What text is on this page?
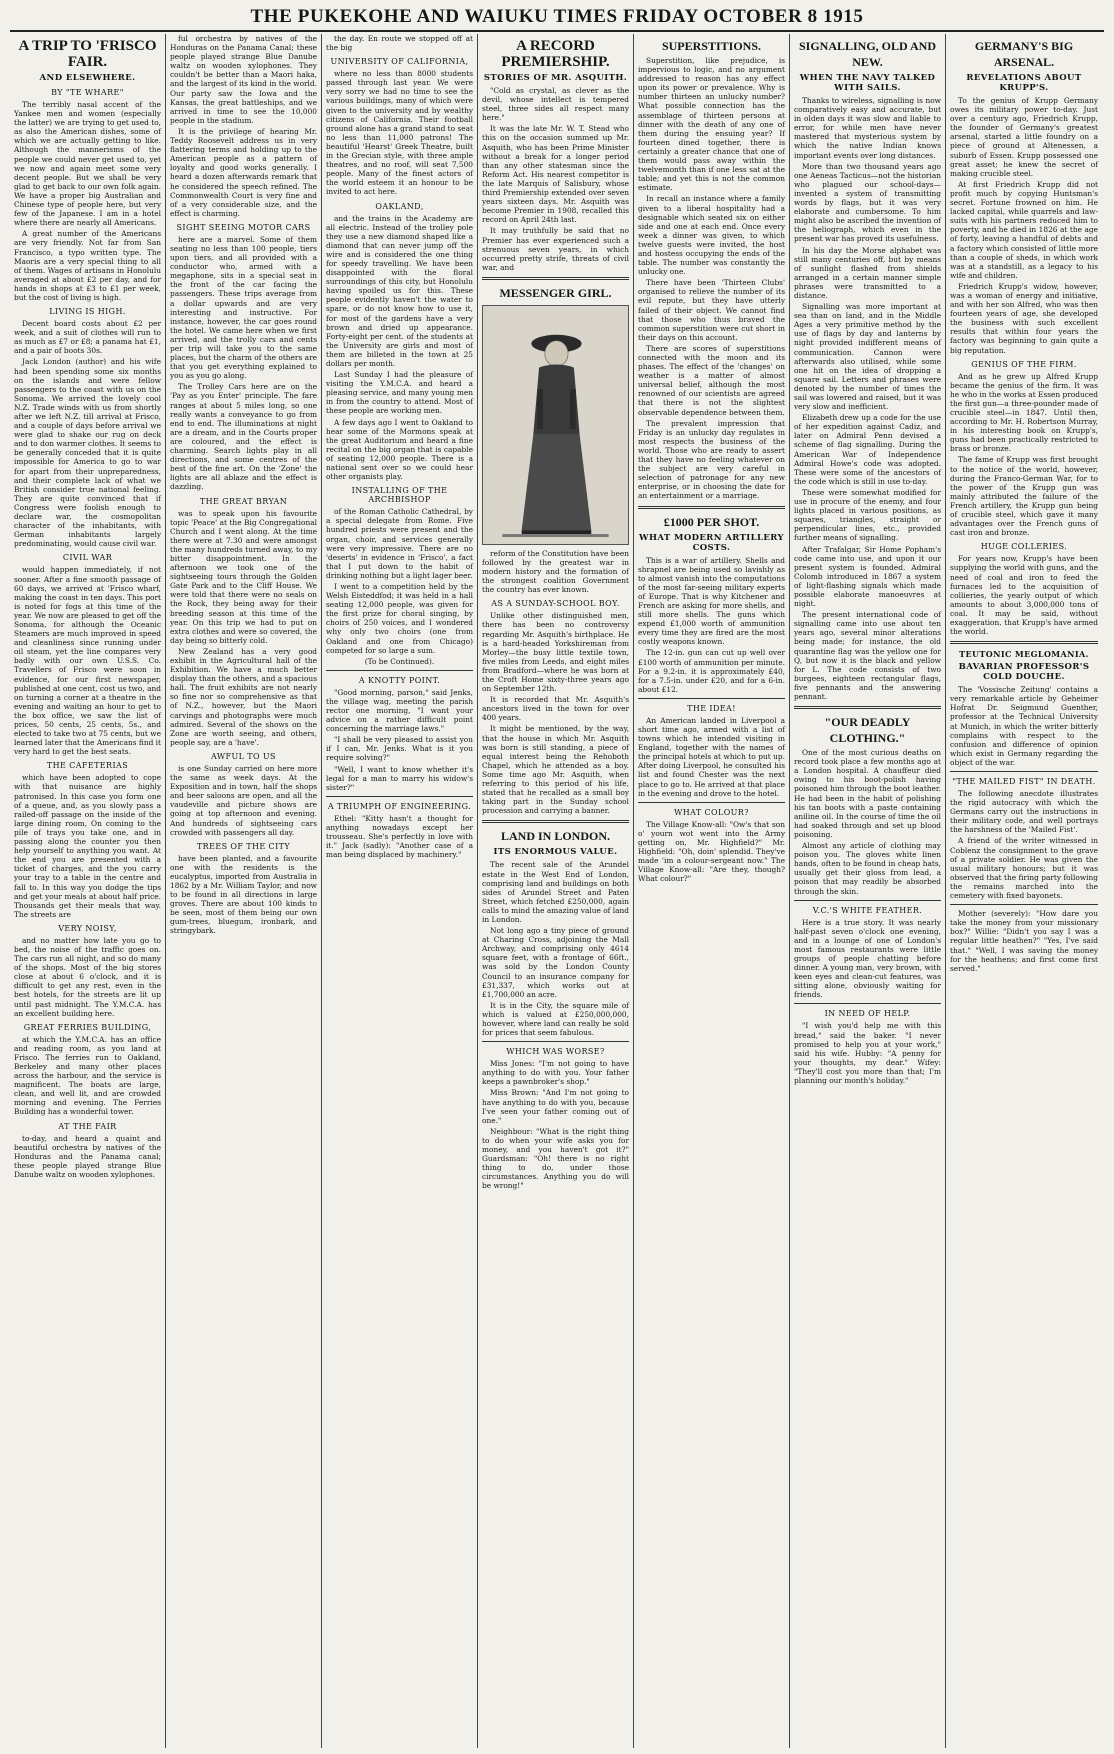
THE PUKEKOHE AND WAIUKU TIMES FRIDAY OCTOBER 8 1915
A TRIP TO 'FRISCO FAIR.
AND ELSEWHERE.
BY "TE WHARE"

The terribly nasal accent of the Yankee men and women (especially the latter) we are trying to get used to, as also the American dishes, some of which we are actually getting to like. Although the mannerisms of the people we could never get used to, yet we now and again meet some very decent people. But we shall be very glad to get back to our own folk again. We have a proper big Australian and Chinese type of people here, but very few of the Japanese. I am in a hotel where there are nearly all Americans.

A great number of the Americans are very friendly. Not far from San Francisco, a typo written type. The Maoris are a very special thing to all of them. Wages of artisans in Honolulu averaged at about £2 per day, and for hands in shops at £3 to £1 per week, but the cost of living is high.

LIVING IS HIGH.

Decent board costs about £2 per week, and a suit of clothes will run to as much as £7 or £8; a panama hat £1, and a pair of boots 30s.

Jack London (author) and his wife had been spending some six months on the islands and were fellow passengers to the coast with us on the Sonoma. We arrived the lovely cool N.Z. Trade winds with us from shortly after we left N.Z. till arrival at Frisco, and a couple of days before arrival we were glad to shake our rug on deck and to don warmer clothes. It seems to be generally conceded that it is quite impossible for America to go to war for apart from their unpreparedness, and their complete lack of what we British consider true national feeling. They are quite convinced that if Congress were foolish enough to declare war, the cosmopolitan character of the inhabitants, with German inhabitants largely predominating, would cause civil war.

CIVIL WAR

would happen immediately, if not sooner. After a fine smooth passage of 60 days, we arrived at 'Frisco wharf, making the coast in ten days. This port is noted for fogs at this time of the year. We now are pleased to get off the Sonoma, for although the Oceanic Steamers are much improved in speed and cleanliness since running under oil steam, yet the line compares very badly with our own U.S.S. Co. Travellers of Frisco were soon in evidence, for our first newspaper, published at one cent, cost us two, and on turning a corner at a theatre in the evening and waiting an hour to get to the box office, we saw the list of prices, 50 cents, 25 cents, 5s., and elected to take two at 75 cents, but we learned later that the Americans find it very hard to get the best seats.

THE CAFETERIAS

which have been adopted to cope with that nuisance are highly patronised. In this case you form one of a queue, and, as you slowly pass a railed-off passage on the inside of the large dining room, On coming to the pile of trays you take one, and in passing along the counter you then help yourself to anything you want. At the end you are presented with a ticket of charges, and the you carry your tray to a table in the centre and fall to. In this way you dodge the tips and get your meals at about half price. Thousands get their meals that way. The streets are

VERY NOISY,

and no matter how late you go to bed, the noise of the traffic goes on. The cars run all night, and so do many of the shops. Most of the big stores close at about 6 o'clock, and it is difficult to get any rest, even in the best hotels, for the streets are lit up until past midnight. The Y.M.C.A. has an excellent building here.

GREAT FERRIES BUILDING,

at which the Y.M.C.A. has an office and reading room, as you land at Frisco. The ferries run to Oakland, Berkeley and many other places across the harbour, and the service is magnificent. The boats are large, clean, and well lit, and are crowded morning and evening. The Ferries Building has a wonderful tower.

AT THE FAIR

to-day, and heard a quaint and beautiful orchestra by natives of the Honduras and the Panama canal; these people played strange Blue Danube waltz on wooden xylophones.

ful orchestra by natives of the Honduras on the Panama Canal; these people played strange Blue Danube waltz on wooden xylophones. They couldn't be better than a Maori haka, and the largest of its kind in the world. Our party saw the Iowa and the Kansas, the great battleships, and we arrived in time to see the 10,000 people in the stadium.

It is the privilege of hearing Mr. Teddy Roosevelt address us in very flattering terms and holding up to the American people as a pattern of loyalty and good works generally. I heard a dozen afterwards remark that he considered the speech refined. The Commonwealth Court is very fine and of a very considerable size, and the effect is charming.

SIGHT SEEING MOTOR CARS

here are a marvel. Some of them seating no less than 100 people, tiers upon tiers, and all provided with a conductor who, armed with a megaphone, sits in a special seat in the front of the car facing the passengers. These trips average from a dollar upwards and are very interesting and instructive. For instance, however, the car goes round the hotel. We came here when we first arrived, and the trolly cars and cents per trip will take you to the same places, but the charm of the others are that you get everything explained to you as you go along.

The Trolley Cars here are on the 'Pay as you Enter' principle. The fare ranges at about 5 miles long, so one really wants a conveyance to go from end to end. The illuminations at night are a dream, and in the Courts proper are coloured, and the effect is charming. Search lights play in all directions, and some centres of the best of the fine art. On the 'Zone' the lights are all ablaze and the effect is dazzling.

THE GREAT BRYAN

was to speak upon his favourite topic 'Peace' at the Big Congregational Church and I went along. At the time there were at 7.30 and were amongst the many hundreds turned away, to my bitter disappointment. In the afternoon we took one of the sightseeing tours through the Golden Gate Park and to the Cliff House. We were told that there were no seals on the Rock, they being away for their breeding season at this time of the year. On this trip we had to put on extra clothes and were so covered, the day being so bitterly cold.

New Zealand has a very good exhibit in the Agricultural hall of the Exhibition. We have a much better display than the others, and a spacious hall. The fruit exhibits are not nearly so fine nor so comprehensive as that of N.Z., however, but the Maori carvings and photographs were much admired. Several of the shows on the Zone are worth seeing, and others, people say, are a 'have'.

AWFUL TO US

is one Sunday carried on here more the same as week days. At the Exposition and in town, half the shops and beer saloons are open, and all the vaudeville and picture shows are going at top afternoon and evening. And hundreds of sightseeing cars crowded with passengers all day.

TREES OF THE CITY

have been planted, and a favourite one with the residents is the eucalyptus, imported from Australia in 1862 by a Mr. William Taylor, and now to be found in all directions in large groves. There are about 100 kinds to be seen, most of them being our own gum-trees, bluegum, ironbark, and stringybark.

the day. En route we stopped off at the big

UNIVERSITY OF CALIFORNIA,

where no less than 8000 students passed through last year. We were very sorry we had no time to see the various buildings, many of which were given to the university and by wealthy citizens of California. Their football ground alone has a grand stand to seat no less than 11,000 patrons! The beautiful 'Hearst' Greek Theatre, built in the Grecian style, with three ample theatres, and no roof, will seat 7,500 people. Many of the finest actors of the world esteem it an honour to be invited to act here.

OAKLAND,

and the trains in the Academy are all electric. Instead of the trolley pole they use a new diamond shaped like a diamond that can never jump off the wire and is considered the one thing for speedy travelling. We have been disappointed with the floral surroundings of this city, but Honolulu having spoiled us for this. These people evidently haven't the water to spare, or do not know how to use it, for most of the gardens have a very brown and dried up appearance. Forty-eight per cent. of the students at the University are girls and most of them are billeted in the town at 25 dollars per month.

Last Sunday I had the pleasure of visiting the Y.M.C.A. and heard a pleasing service, and many young men in from the country to attend. Most of these people are working men.

A few days ago I went to Oakland to hear some of the Mormons speak at the great Auditorium and heard a fine recital on the big organ that is capable of seating 12,000 people. There is a national sent over so we could hear other organists play.

INSTALLING OF THE ARCHBISHOP

of the Roman Catholic Cathedral, by a special delegate from Rome. Five hundred priests were present and the organ, choir, and services generally were very impressive. There are no 'deserts' in evidence in 'Frisco', a fact that I put down to the habit of drinking nothing but a light lager beer.

I went to a competition held by the Welsh Eisteddfod; it was held in a hall seating 12,000 people, was given for the first prize for choral singing, by choirs of 250 voices, and I wondered why only two choirs (one from Oakland and one from Chicago) competed for so large a sum.

(To be Continued).

A KNOTTY POINT.

"Good morning, parson," said Jenks, the village wag, meeting the parish rector one morning, "I want your advice on a rather difficult point concerning the marriage laws."

"I shall be very pleased to assist you if I can, Mr. Jenks. What is it you require solving?"

"Well, I want to know whether it's legal for a man to marry his widow's sister?"

A TRIUMPH OF ENGINEERING.

Ethel: "Kitty hasn't a thought for anything nowadays except her trousseau. She's perfectly in love with it." Jack (sadly): "Another case of a man being displaced by machinery."

A RECORD PREMIERSHIP.
STORIES OF MR. ASQUITH.

"Cold as crystal, as clever as the devil, whose intellect is tempered steel, three sides all respect many here."

It was the late Mr. W. T. Stead who this on the occasion summed up Mr. Asquith, who has been Prime Minister without a break for a longer period than any other statesman since the Reform Act. His nearest competitor is the late Marquis of Salisbury, whose third Premiership extended over seven years sixteen days. Mr. Asquith was become Premier in 1908, recalled this record on April 24th last.

It may truthfully be said that no Premier has ever experienced such a strenuous seven years, in which occurred pretty strife, threats of civil war, and

MESSENGER GIRL.

reform of the Constitution have been followed by the greatest war in modern history and the formation of the strongest coalition Government the country has ever known.

AS A SUNDAY-SCHOOL BOY.

Unlike other distinguished men, there has been no controversy regarding Mr. Asquith's birthplace. He is a hard-headed Yorkshireman from Morley—the busy little textile town, five miles from Leeds, and eight miles from Bradford—where he was born at the Croft Home sixty-three years ago on September 12th.

It is recorded that Mr. Asquith's ancestors lived in the town for over 400 years.

It might be mentioned, by the way, that the house in which Mr. Asquith was born is still standing, a piece of equal interest being the Rehoboth Chapel, which he attended as a boy. Some time ago Mr. Asquith, when referring to this period of his life, stated that he recalled as a small boy taking part in the Sunday school procession and carrying a banner.

LAND IN LONDON.
ITS ENORMOUS VALUE.

The recent sale of the Arundel estate in the West End of London, comprising land and buildings on both sides of Arundel Street and Paten Street, which fetched £250,000, again calls to mind the amazing value of land in London.

Not long ago a tiny piece of ground at Charing Cross, adjoining the Mall Archway, and comprising only 4614 square feet, with a frontage of 66ft., was sold by the London County Council to an insurance company for £31,337, which works out at £1,700,000 an acre.

It is in the City, the square mile of which is valued at £250,000,000, however, where land can really be sold for prices that seem fabulous.

WHICH WAS WORSE?

Miss Jones: "I'm not going to have anything to do with you. Your father keeps a pawnbroker's shop."

Miss Brown: "And I'm not going to have anything to do with you, because I've seen your father coming out of one."

Neighbour: "What is the right thing to do when your wife asks you for money, and you haven't got it?" Guardsman: "Oh! there is no right thing to do, under those circumstances. Anything you do will be wrong!"

SUPERSTITIONS.

Superstition, like prejudice, is impervious to logic, and no argument addressed to reason has any effect upon its power or prevalence. Why is number thirteen an unlucky number? What possible connection has the assemblage of thirteen persons at dinner with the death of any one of them during the ensuing year? If fourteen dined together, there is certainly a greater chance that one of them would pass away within the twelvemonth than if one less sat at the table; and yet this is not the common estimate.

In recall an instance where a family given to a liberal hospitality had a designable which seated six on either side and one at each end. Once every week a dinner was given, to which twelve guests were invited, the host and hostess occupying the ends of the table. The number was constantly the unlucky one.

There have been 'Thirteen Clubs' organised to relieve the number of its evil repute, but they have utterly failed of their object. We cannot find that those who thus braved the common superstition were cut short in their days on this account.

There are scores of superstitions connected with the moon and its phases. The effect of the 'changes' on weather is a matter of almost universal belief, although the most renowned of our scientists are agreed that there is not the slightest observable dependence between them.

The prevalent impression that Friday is an unlucky day regulates in most respects the business of the world. Those who are ready to assert that they have no feeling whatever on the subject are very careful in selection of patronage for any new enterprise, or in choosing the date for an entertainment or a marriage.

£1000 PER SHOT.
WHAT MODERN ARTILLERY COSTS.

This is a war of artillery. Shells and shrapnel are being used so lavishly as to almost vanish into the computations of the most far-seeing military experts of Europe. That is why Kitchener and French are asking for more shells, and still more shells. The guns which expend £1,000 worth of ammunition every time they are fired are the most costly weapons known.

The 12-in. gun can cut up well over £100 worth of ammunition per minute. For a 9.2-in. it is approximately £40, for a 7.5-in. under £20, and for a 6-in. about £12.

THE IDEA!

An American landed in Liverpool a short time ago, armed with a list of towns which he intended visiting in England, together with the names of the principal hotels at which to put up. After doing Liverpool, he consulted his list and found Chester was the next place to go to. He arrived at that place in the evening and drove to the hotel.

WHAT COLOUR?

The Village Know-all: "Ow's that son o' yourn wot went into the Army getting on, Mr. Highfield?" Mr. Highfield: "Oh, doin' splendid. They've made 'im a colour-sergeant now." The Village Know-all: "Are they, though? What colour?"

SIGNALLING, OLD AND NEW.
WHEN THE NAVY TALKED WITH SAILS.

Thanks to wireless, signalling is now comparatively easy and accurate, but in olden days it was slow and liable to error, for while men have never mastered that mysterious system by which the native Indian knows important events over long distances.

More than two thousand years ago one Aeneas Tacticus—not the historian who plagued our school-days—invented a system of transmitting words by flags, but it was very elaborate and cumbersome. To him might also be ascribed the invention of the heliograph, which even in the present war has proved its usefulness.

In his day the Morse alphabet was still many centuries off, but by means of sunlight flashed from shields arranged in a certain manner simple phrases were transmitted to a distance.

Signalling was more important at sea than on land, and in the Middle Ages a very primitive method by the use of flags by day and lanterns by night provided indifferent means of communication. Cannon were afterwards also utilised, while some one hit on the idea of dropping a square sail. Letters and phrases were denoted by the number of times the sail was lowered and raised, but it was very slow and inefficient.

Elizabeth drew up a code for the use of her expedition against Cadiz, and later on Admiral Penn devised a scheme of flag signalling. During the American War of Independence Admiral Howe's code was adopted. These were some of the ancestors of the code which is still in use to-day.

These were somewhat modified for use in procure of the enemy, and four lights placed in various positions, as squares, triangles, straight or perpendicular lines, etc., provided further means of signalling.

After Trafalgar, Sir Home Popham's code came into use, and upon it our present system is founded. Admiral Colomb introduced in 1867 a system of light-flashing signals which made possible elaborate manoeuvres at night.

The present international code of signalling came into use about ten years ago, several minor alterations being made; for instance, the old quarantine flag was the yellow one for Q, but now it is the black and yellow for L. The code consists of two burgees, eighteen rectangular flags, five pennants and the answering pennant.

"OUR DEADLY CLOTHING."

One of the most curious deaths on record took place a few months ago at a London hospital. A chauffeur died owing to his boot-polish having poisoned him through the boot leather. He had been in the habit of polishing his tan boots with a paste containing aniline oil. In the course of time the oil had soaked through and set up blood poisoning.

Almost any article of clothing may poison you. The gloves white linen hands, often to be found in cheap hats, usually get their gloss from lead, a poison that may readily be absorbed through the skin.

V.C.'S WHITE FEATHER.

Here is a true story. It was nearly half-past seven o'clock one evening, and in a lounge of one of London's most famous restaurants were little groups of people chatting before dinner. A young man, very brown, with keen eyes and clean-cut features, was sitting alone, obviously waiting for friends.

IN NEED OF HELP.

"I wish you'd help me with this bread," said the baker. "I never promised to help you at your work," said his wife. Hubby: "A penny for your thoughts, my dear." Wifey: "They'll cost you more than that; I'm planning our month's holiday."

GERMANY'S BIG ARSENAL.
REVELATIONS ABOUT KRUPP'S.

To the genius of Krupp Germany owes its military power to-day. Just over a century ago, Friedrich Krupp, the founder of Germany's greatest arsenal, started a little foundry on a piece of ground at Altenessen, a suburb of Essen. Krupp possessed one great asset; he knew the secret of making crucible steel.

At first Friedrich Krupp did not profit much by copying Huntsman's secret. Fortune frowned on him. He lacked capital, while quarrels and law-suits with his partners reduced him to poverty, and he died in 1826 at the age of forty, leaving a handful of debts and a factory which consisted of little more than a couple of sheds, in which work was at a standstill, as a legacy to his wife and children.

Friedrich Krupp's widow, however, was a woman of energy and initiative, and with her son Alfred, who was then fourteen years of age, she developed the business with such excellent results that within four years the factory was beginning to gain quite a big reputation.

GENIUS OF THE FIRM.

And as he grew up Alfred Krupp became the genius of the firm. It was he who in the works at Essen produced the first gun—a three-pounder made of crucible steel—in 1847. Until then, according to Mr. H. Robertson Murray, in his interesting book on Krupp's, guns had been practically restricted to brass or bronze.

The fame of Krupp was first brought to the notice of the world, however, during the Franco-German War, for to the power of the Krupp gun was mainly attributed the failure of the French artillery, the Krupp gun being of crucible steel, which gave it many advantages over the French guns of cast iron and bronze.

HUGE COLLERIES.

For years now, Krupp's have been supplying the world with guns, and the need of coal and iron to feed the furnaces led to the acquisition of collieries, the yearly output of which amounts to about 3,000,000 tons of coal. It may be said, without exaggeration, that Krupp's have armed the world.

TEUTONIC MEGLOMANIA.
BAVARIAN PROFESSOR'S COLD DOUCHE.

The 'Vossische Zeitung' contains a very remarkable article by Geheimer Hofrat Dr. Seigmund Guenther, professor at the Technical University at Munich, in which the writer bitterly complains with respect to the confusion and difference of opinion which exist in Germany regarding the object of the war.

"THE MAILED FIST" IN DEATH.

The following anecdote illustrates the rigid autocracy with which the Germans carry out the instructions in their military code, and well portrays the harshness of the 'Mailed Fist'.

A friend of the writer witnessed in Coblenz the consignment to the grave of a private soldier. He was given the usual military honours; but it was observed that the firing party following the remains marched into the cemetery with fixed bayonets.

Mother (severely): "How dare you take the money from your missionary box?" Willie: "Didn't you say I was a regular little heathen?" "Yes, I've said that." "Well, I was saving the money for the heathens; and first come first served."
